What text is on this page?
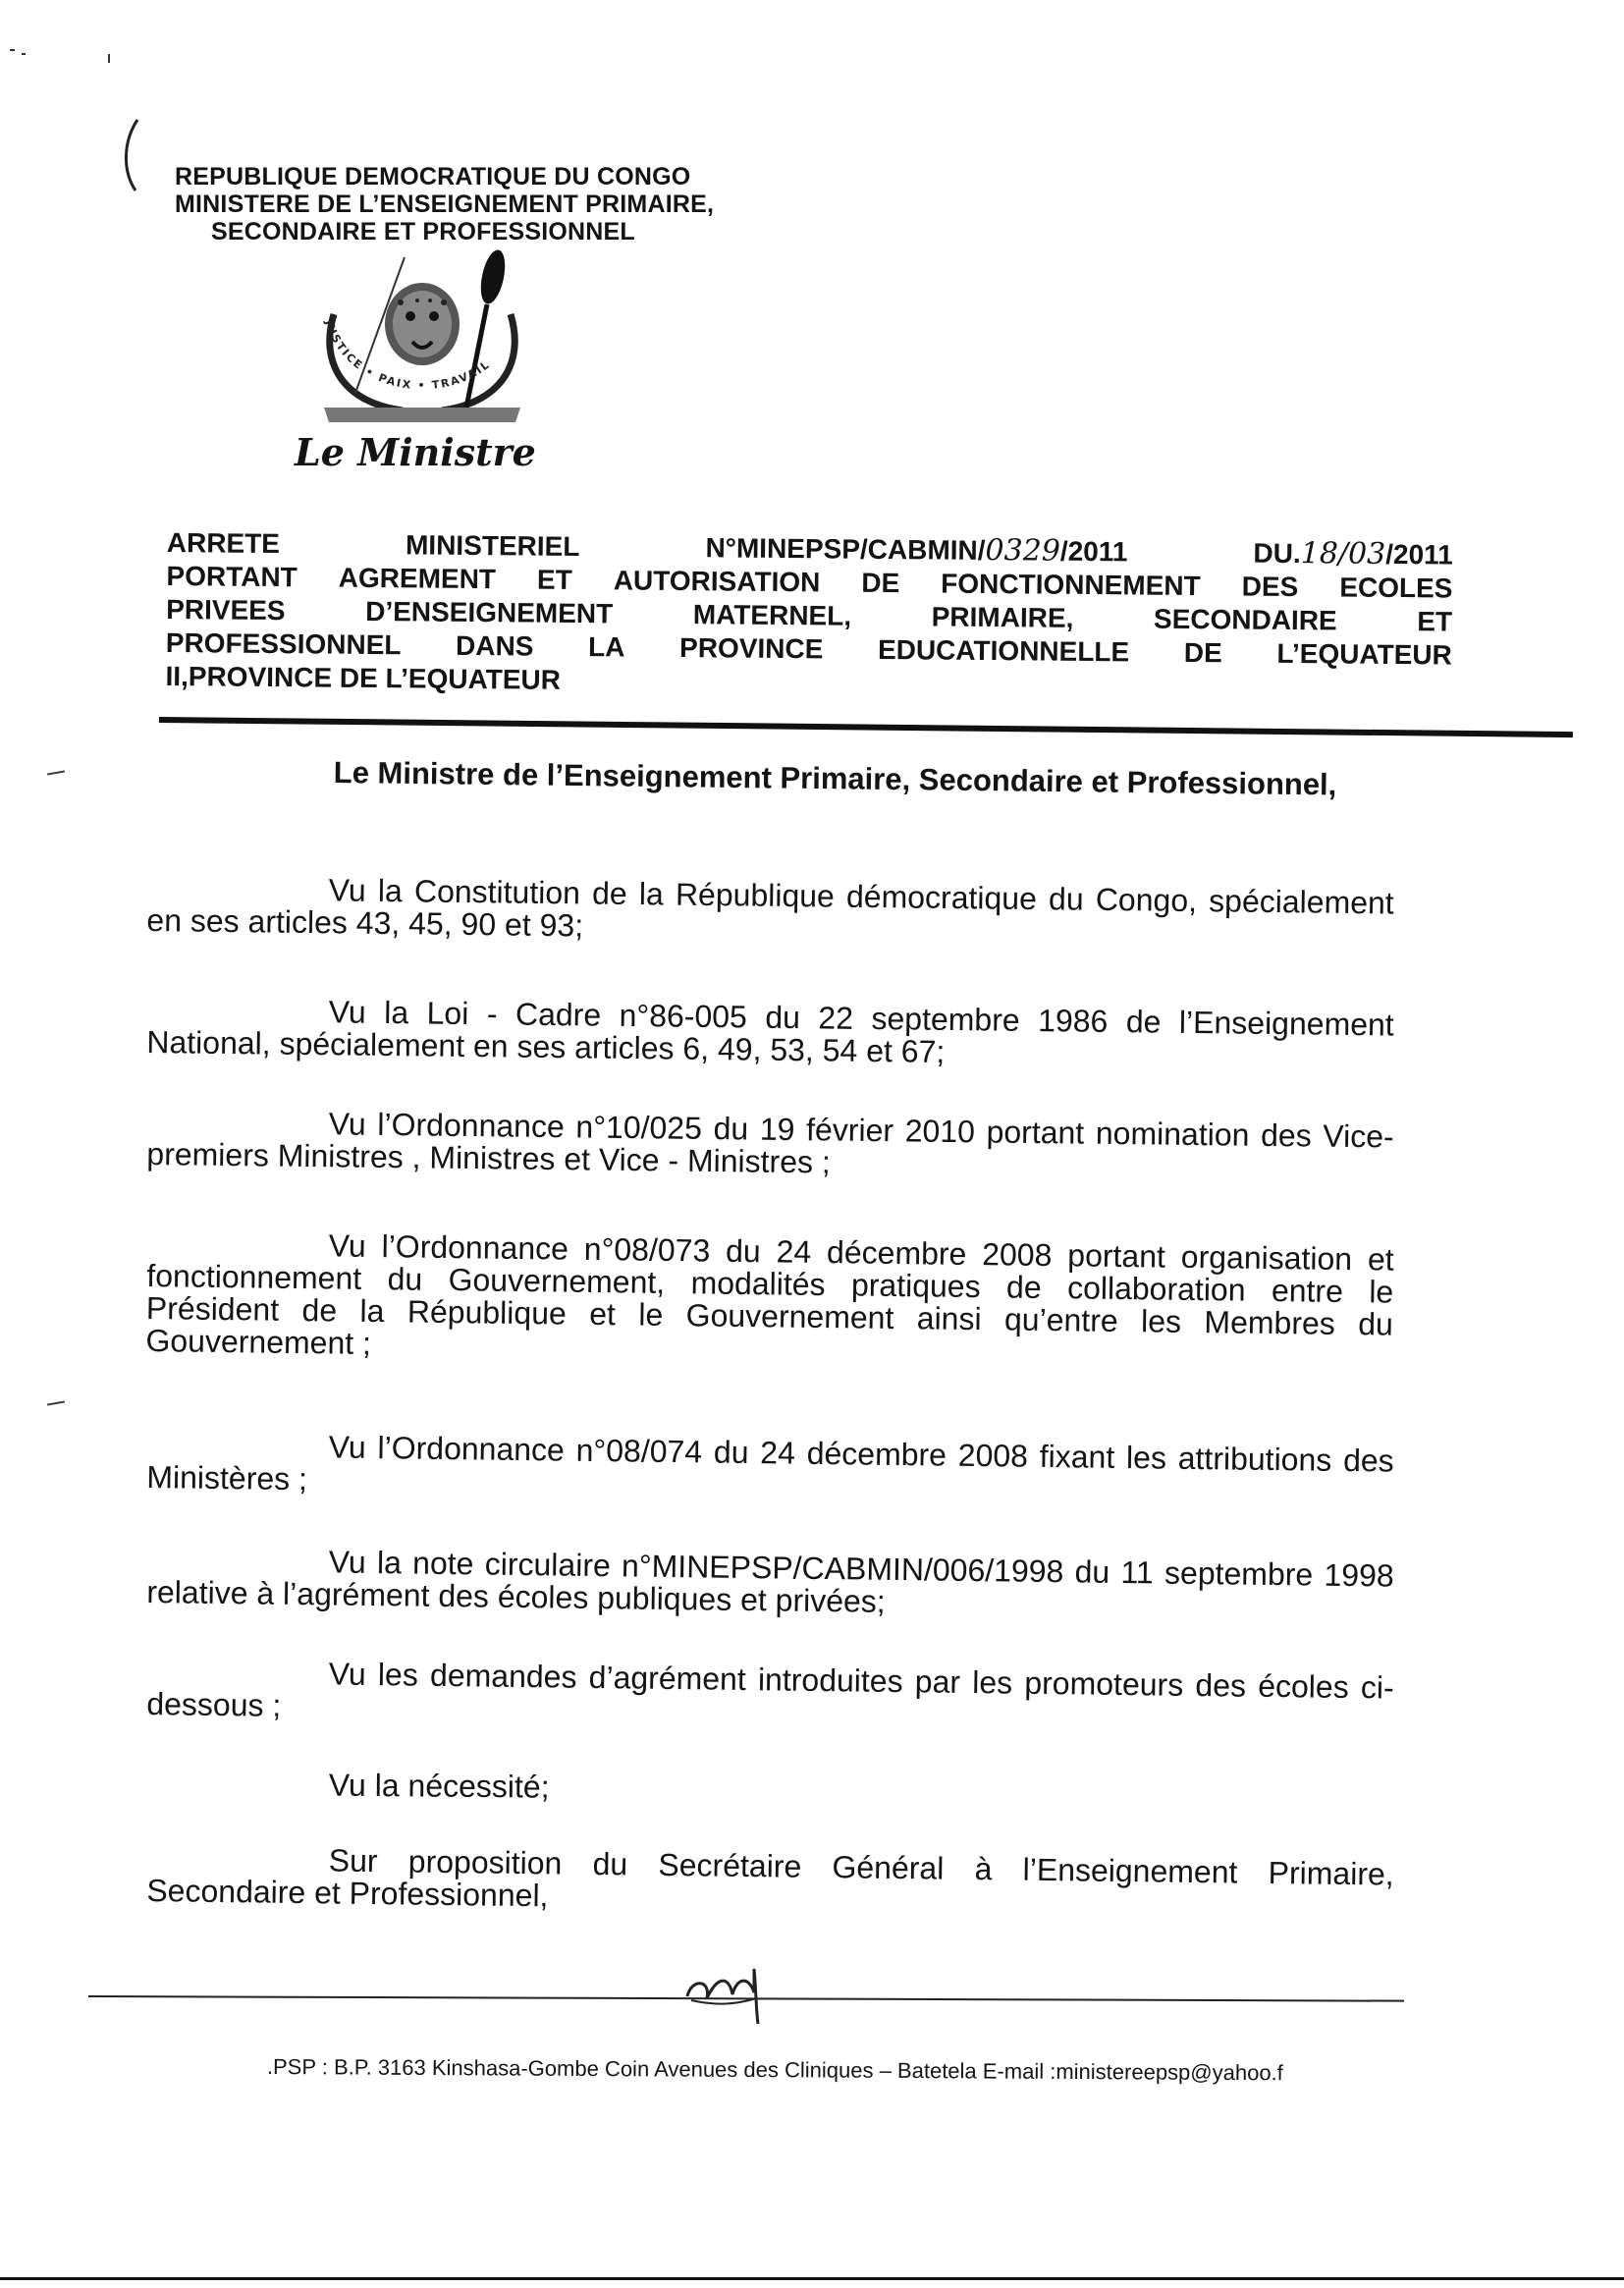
REPUBLIQUE DEMOCRATIQUE DU CONGO
MINISTERE DE L’ENSEIGNEMENT PRIMAIRE,
SECONDAIRE ET PROFESSIONNEL
JUSTICE • PAIX • TRAVAIL
Le Ministre
ARRETE	MINISTERIEL	N°MINEPSP/CABMIN/0329/2011	DU.18/03/2011
PORTANT AGREMENT ET AUTORISATION DE FONCTIONNEMENT DES ECOLES
PRIVEES	D’ENSEIGNEMENT	MATERNEL,	PRIMAIRE,	SECONDAIRE	ET
PROFESSIONNEL DANS LA PROVINCE EDUCATIONNELLE DE L’EQUATEUR
II,PROVINCE DE L’EQUATEUR
Le Ministre de l’Enseignement Primaire, Secondaire et Professionnel,
Vu la Constitution de la République démocratique du Congo, spécialement en ses articles 43, 45, 90 et 93;
Vu la Loi - Cadre n°86-005 du 22 septembre 1986 de l’Enseignement National, spécialement en ses articles 6, 49, 53, 54 et 67;
Vu l’Ordonnance n°10/025 du 19 février 2010 portant nomination des Vice-premiers Ministres , Ministres et Vice - Ministres ;
Vu l’Ordonnance n°08/073 du 24 décembre 2008 portant organisation et fonctionnement du Gouvernement, modalités pratiques de collaboration entre le Président de la République et le Gouvernement ainsi qu’entre les Membres du Gouvernement ;
Vu l’Ordonnance n°08/074 du 24 décembre 2008 fixant les attributions des Ministères ;
Vu la note circulaire n°MINEPSP/CABMIN/006/1998 du 11 septembre 1998 relative à l’agrément des écoles publiques et privées;
Vu les demandes d’agrément introduites par les promoteurs des écoles ci-dessous ;
Vu la nécessité;
Sur proposition du Secrétaire Général à l’Enseignement Primaire, Secondaire et Professionnel,
.PSP : B.P. 3163 Kinshasa-Gombe Coin Avenues des Cliniques – Batetela E-mail :ministereepsp@yahoo.f
